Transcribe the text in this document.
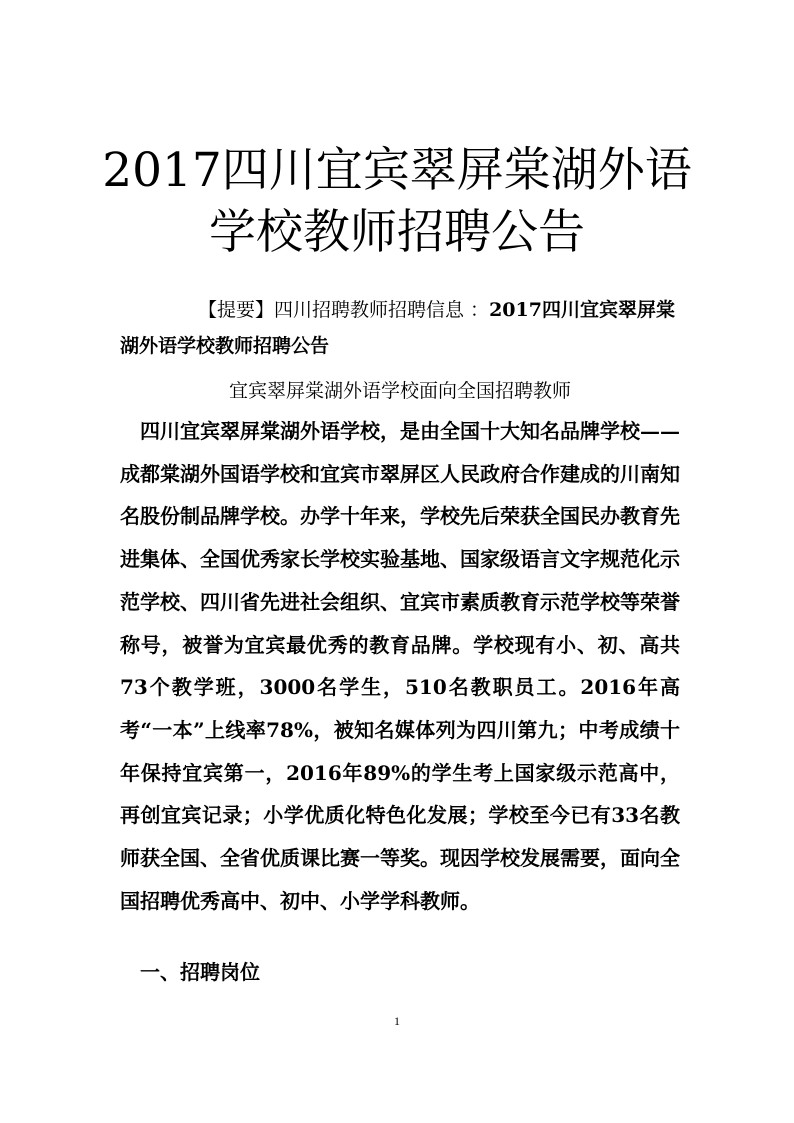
2017四川宜宾翠屏棠湖外语学校教师招聘公告

【提要】四川招聘教师招聘信息 ：2017四川宜宾翠屏棠湖外语学校教师招聘公告

宜宾翠屏棠湖外语学校面向全国招聘教师

四川宜宾翠屏棠湖外语学校，是由全国十大知名品牌学校——成都棠湖外国语学校和宜宾市翠屏区人民政府合作建成的川南知名股份制品牌学校。办学十年来，学校先后荣获全国民办教育先进集体、全国优秀家长学校实验基地、国家级语言文字规范化示范学校、四川省先进社会组织、宜宾市素质教育示范学校等荣誉称号，被誉为宜宾最优秀的教育品牌。学校现有小、初、高共73个教学班，3000名学生，510名教职员工。2016年高考“一本”上线率78%，被知名媒体列为四川第九；中考成绩十年保持宜宾第一，2016年89%的学生考上国家级示范高中，再创宜宾记录；小学优质化特色化发展；学校至今已有33名教师获全国、全省优质课比赛一等奖。现因学校发展需要，面向全国招聘优秀高中、初中、小学学科教师。

一、招聘岗位

1
